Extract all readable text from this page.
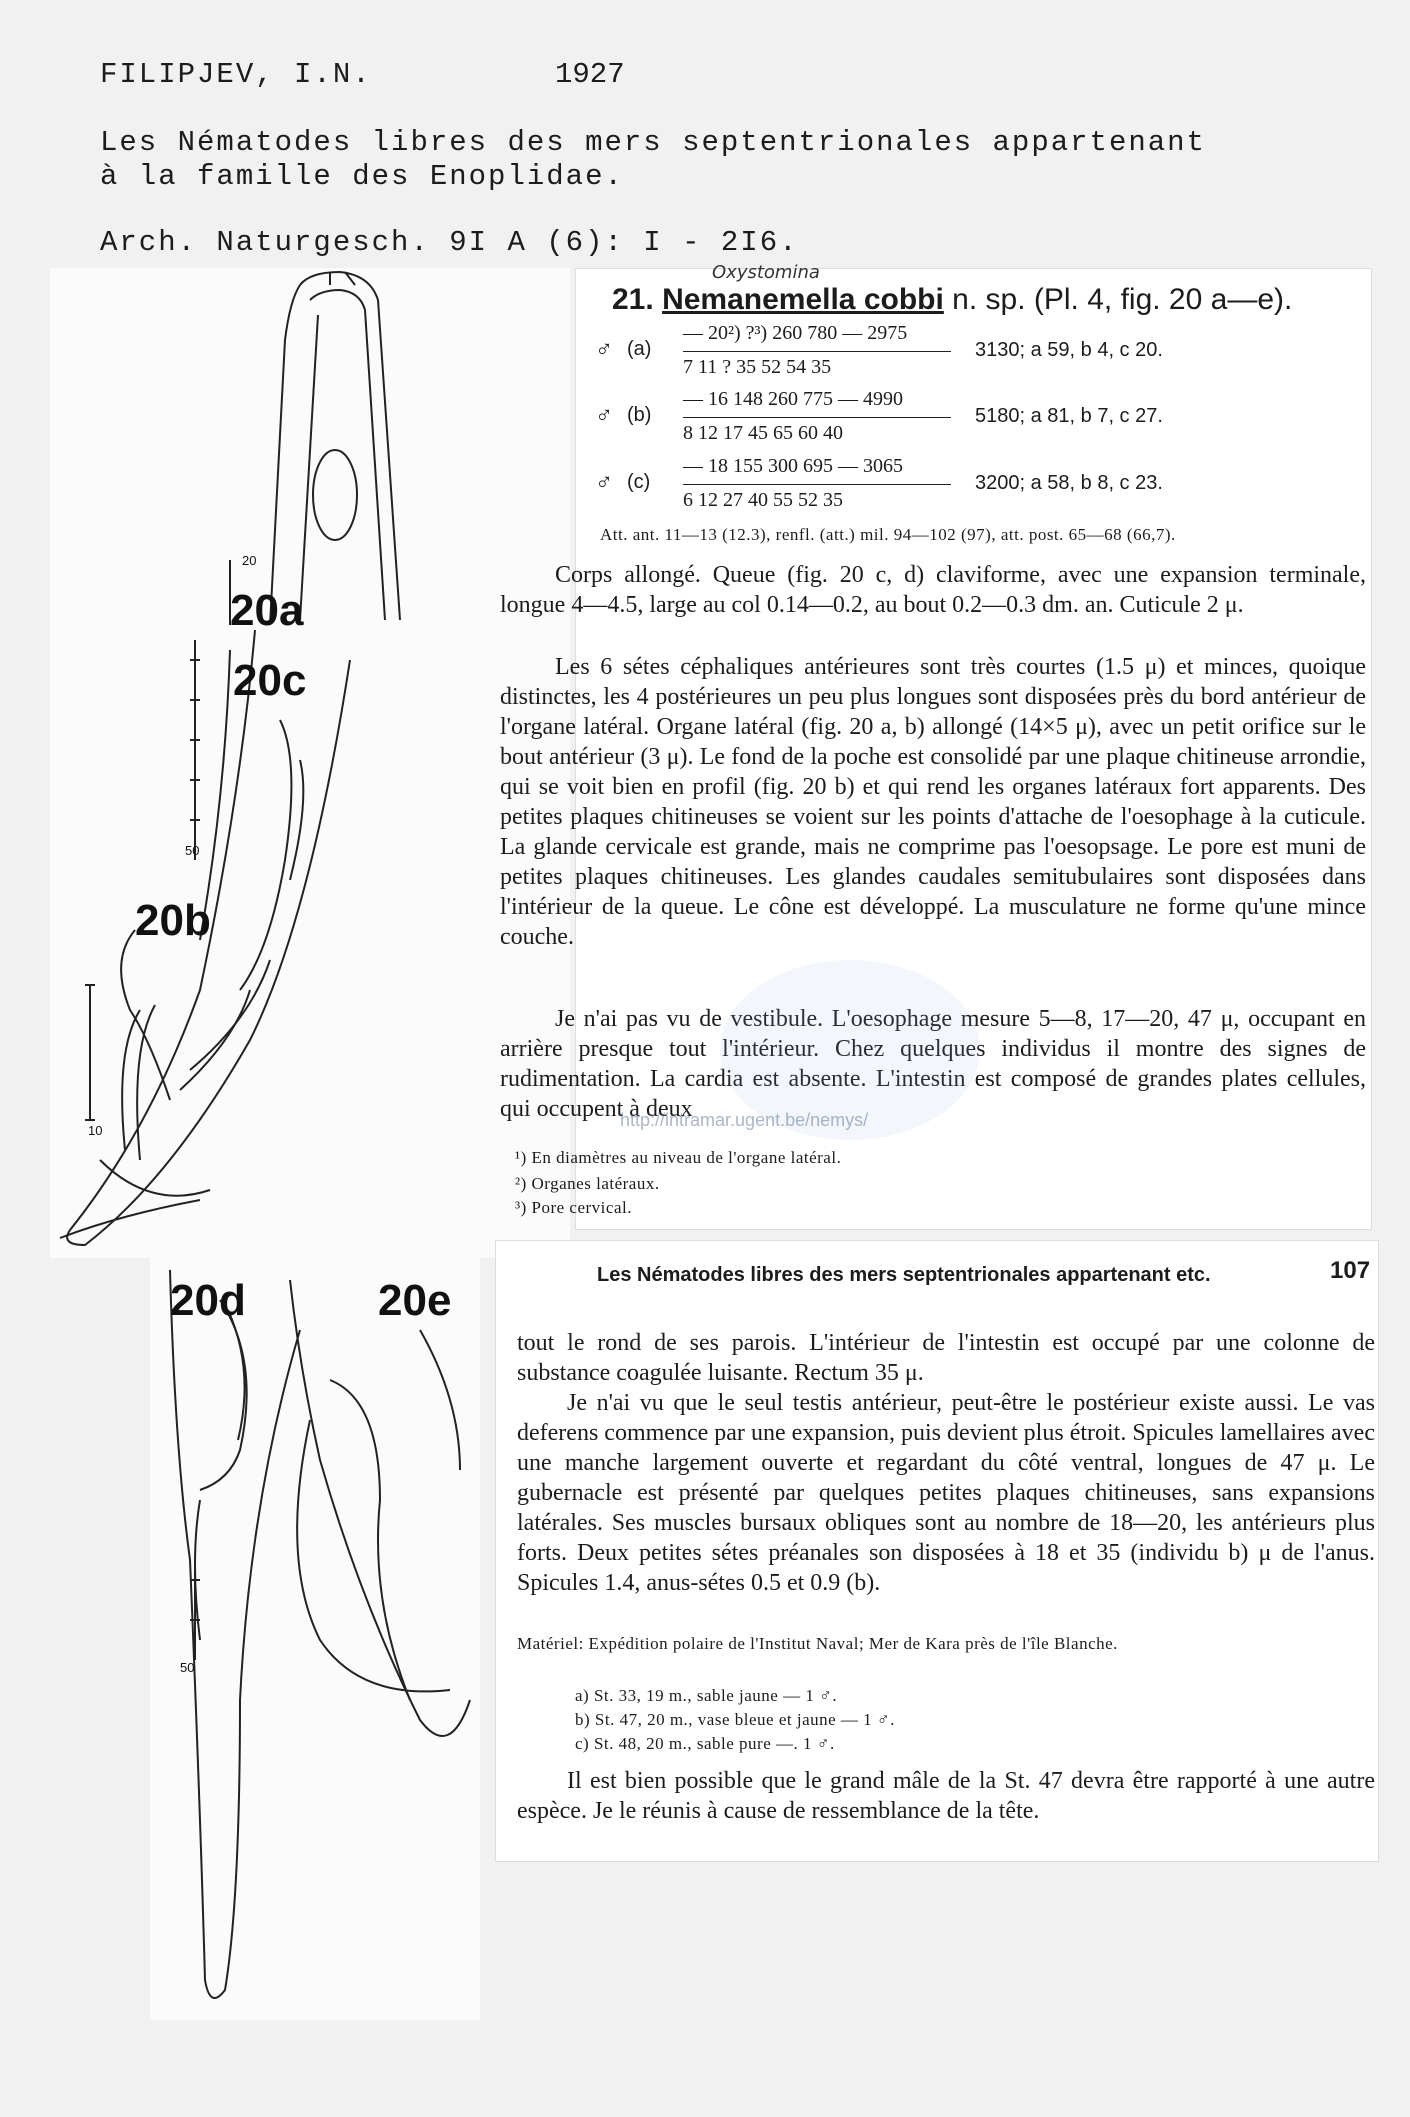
FILIPJEV, I.N.	1927

Les Nématodes libres des mers septentrionales appartenant

à la famille des Enoplidae.

Arch. Naturgesch. 9I A (6): I - 2I6.

20a
20c
20b
20d	20e
20
50
10
50
Oxystomina
21. Nemanemella cobbi n. sp. (Pl. 4, fig. 20 a—e).
♂ (a)
— 20²) ?³) 260 780 — 2975
7 11 ? 35 52 54 35
3130; a 59, b 4, c 20.
♂ (b)
— 16 148 260 775 — 4990
8 12 17 45 65 60 40
5180; a 81, b 7, c 27.
♂ (c)
— 18 155 300 695 — 3065
6 12 27 40 55 52 35
3200; a 58, b 8, c 23.
Att. ant. 11—13 (12.3), renfl. (att.) mil. 94—102 (97), att. post. 65—68 (66,7).

Corps allongé. Queue (fig. 20 c, d) claviforme, avec une expansion terminale, longue 4—4.5, large au col 0.14—0.2, au bout 0.2—0.3 dm. an. Cuticule 2 μ.

Les 6 sétes céphaliques antérieures sont très courtes (1.5 μ) et minces, quoique distinctes, les 4 postérieures un peu plus longues sont disposées près du bord antérieur de l'organe latéral. Organe latéral (fig. 20 a, b) allongé (14×5 μ), avec un petit orifice sur le bout antérieur (3 μ). Le fond de la poche est consolidé par une plaque chitineuse arrondie, qui se voit bien en profil (fig. 20 b) et qui rend les organes latéraux fort apparents. Des petites plaques chitineuses se voient sur les points d'attache de l'oesophage à la cuticule. La glande cervicale est grande, mais ne comprime pas l'oesopsage. Le pore est muni de petites plaques chitineuses. Les glandes caudales semitubulaires sont disposées dans l'intérieur de la queue. Le cône est développé. La musculature ne forme qu'une mince couche.

Je n'ai pas vu de vestibule. L'oesophage mesure 5—8, 17—20, 47 μ, occupant en arrière presque tout l'intérieur. Chez quelques individus il montre des signes de rudimentation. La cardia est absente. L'intestin est composé de grandes plates cellules, qui occupent à deux

http://intramar.ugent.be/nemys/
¹) En diamètres au niveau de l'organe latéral.
²) Organes latéraux.
³) Pore cervical.
Les Nématodes libres des mers septentrionales appartenant etc.	107

tout le rond de ses parois. L'intérieur de l'intestin est occupé par une colonne de substance coagulée luisante. Rectum 35 μ.

Je n'ai vu que le seul testis antérieur, peut-être le postérieur existe aussi. Le vas deferens commence par une expansion, puis devient plus étroit. Spicules lamellaires avec une manche largement ouverte et regardant du côté ventral, longues de 47 μ. Le gubernacle est présenté par quelques petites plaques chitineuses, sans expansions latérales. Ses muscles bursaux obliques sont au nombre de 18—20, les antérieurs plus forts. Deux petites sétes préanales son disposées à 18 et 35 (individu b) μ de l'anus. Spicules 1.4, anus-sétes 0.5 et 0.9 (b).

Matériel: Expédition polaire de l'Institut Naval; Mer de Kara près de l'île Blanche.
a) St. 33, 19 m., sable jaune — 1 ♂.
b) St. 47, 20 m., vase bleue et jaune — 1 ♂.
c) St. 48, 20 m., sable pure —. 1 ♂.

Il est bien possible que le grand mâle de la St. 47 devra être rapporté à une autre espèce. Je le réunis à cause de ressemblance de la tête.
